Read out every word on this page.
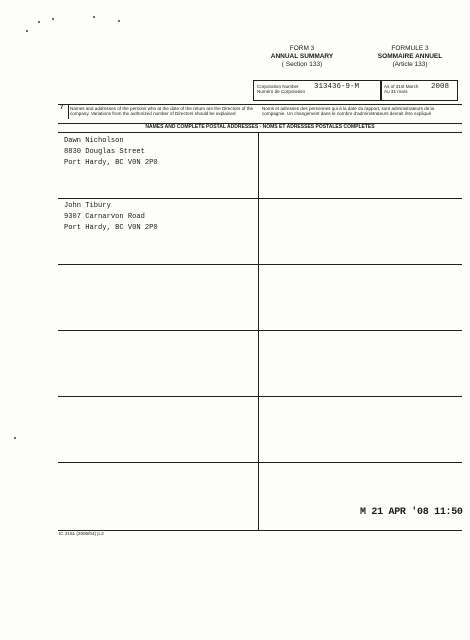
FORM 3
ANNUAL SUMMARY
( Section 133)
FORMULE 3
SOMMAIRE ANNUEL
(Article 133)
Corporation Number
Numéro de Corporation
313436-9-M	As of 31st March
Au 31 mars
2008
7	Names and addresses of the persons who at the date of the return are the Directors of the company. Variations from the authorized number of Directors should be explained
Noms et adresses des personnes qui à la date du rapport, sont administrateurs de la compagnie. Un changement dans le nombre d'administrateurs devrait être expliqué
NAMES AND COMPLETE POSTAL ADDRESSES - NOMS ET ADRESSES POSTALES COMPLÈTES
Dawn Nicholson
8830 Douglas Street
Port Hardy, BC V0N 2P0
John Tibury
9307 Carnarvon Road
Port Hardy, BC V0N 2P0
M 21 APR '08 11:50
IC 3151 (2005/04) p.3
